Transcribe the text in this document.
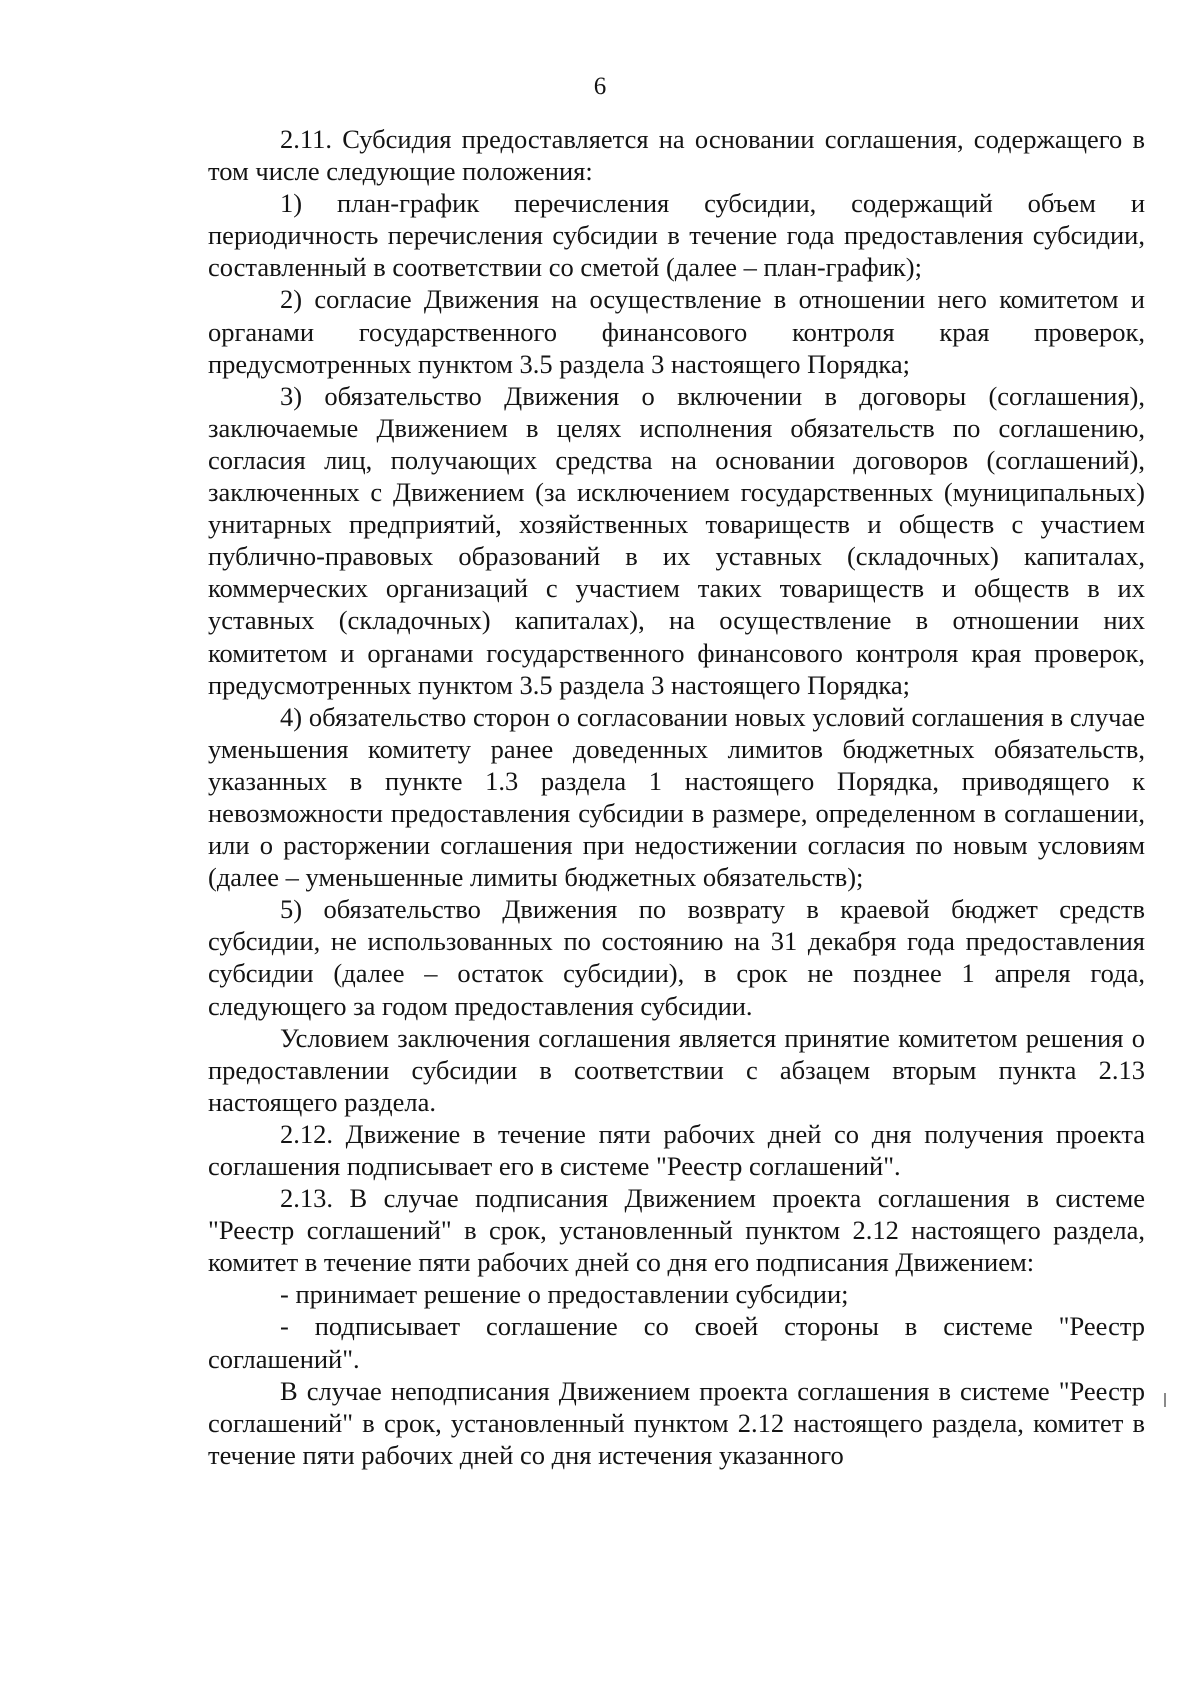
6

2.11. Субсидия предоставляется на основании соглашения, содержащего в том числе следующие положения:

1) план-график перечисления субсидии, содержащий объем и периодичность перечисления субсидии в течение года предоставления субсидии, составленный в соответствии со сметой (далее – план-график);

2) согласие Движения на осуществление в отношении него комитетом и органами государственного финансового контроля края проверок, предусмотренных пунктом 3.5 раздела 3 настоящего Порядка;

3) обязательство Движения о включении в договоры (соглашения), заключаемые Движением в целях исполнения обязательств по соглашению, согласия лиц, получающих средства на основании договоров (соглашений), заключенных с Движением (за исключением государственных (муниципальных) унитарных предприятий, хозяйственных товариществ и обществ с участием публично-правовых образований в их уставных (складочных) капиталах, коммерческих организаций с участием таких товариществ и обществ в их уставных (складочных) капиталах), на осуществление в отношении них комитетом и органами государственного финансового контроля края проверок, предусмотренных пунктом 3.5 раздела 3 настоящего Порядка;

4) обязательство сторон о согласовании новых условий соглашения в случае уменьшения комитету ранее доведенных лимитов бюджетных обязательств, указанных в пункте 1.3 раздела 1 настоящего Порядка, приводящего к невозможности предоставления субсидии в размере, определенном в соглашении, или о расторжении соглашения при недостижении согласия по новым условиям (далее – уменьшенные лимиты бюджетных обязательств);

5) обязательство Движения по возврату в краевой бюджет средств субсидии, не использованных по состоянию на 31 декабря года предоставления субсидии (далее – остаток субсидии), в срок не позднее 1 апреля года, следующего за годом предоставления субсидии.

Условием заключения соглашения является принятие комитетом решения о предоставлении субсидии в соответствии с абзацем вторым пункта 2.13 настоящего раздела.

2.12. Движение в течение пяти рабочих дней со дня получения проекта соглашения подписывает его в системе "Реестр соглашений".

2.13. В случае подписания Движением проекта соглашения в системе "Реестр соглашений" в срок, установленный пунктом 2.12 настоящего раздела, комитет в течение пяти рабочих дней со дня его подписания Движением:

- принимает решение о предоставлении субсидии;

- подписывает соглашение со своей стороны в системе "Реестр соглашений".

В случае неподписания Движением проекта соглашения в системе "Реестр соглашений" в срок, установленный пунктом 2.12 настоящего раздела, комитет в течение пяти рабочих дней со дня истечения указанного
